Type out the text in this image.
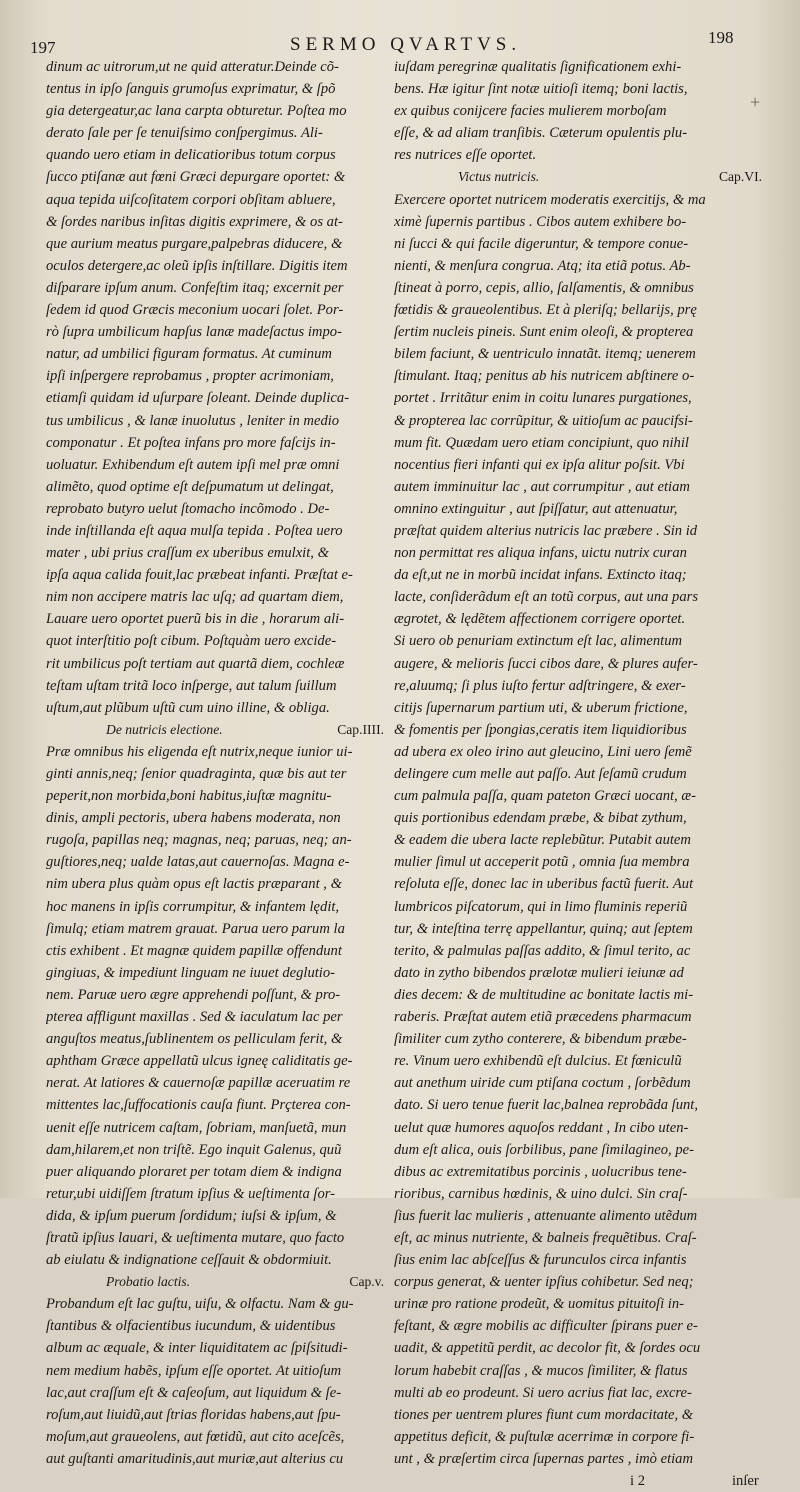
197	SERMO QVARTVS.	198
+
dinum ac uitrorum,ut ne quid atteratur.Deinde cõ-
tentus in ipſo ſanguis grumoſus exprimatur, & ſpõ
gia detergeatur,ac lana carpta obturetur. Poſtea mo
derato ſale per ſe tenuiſsimo conſpergimus. Ali-
quando uero etiam in delicatioribus totum corpus
ſucco ptiſanæ aut fœni Græci depurgare oportet: &
aqua tepida uiſcoſitatem corpori obſitam abluere,
& ſordes naribus inſitas digitis exprimere, & os at-
que aurium meatus purgare,palpebras diducere, &
oculos detergere,ac oleũ ipſis inſtillare. Digitis item
diſparare ipſum anum. Confeſtim itaq; excernit per
ſedem id quod Græcis meconium uocari ſolet. Por-
rò ſupra umbilicum hapſus lanæ madeſactus impo-
natur, ad umbilici figuram formatus. At cuminum
ipſi inſpergere reprobamus , propter acrimoniam,
etiamſi quidam id uſurpare ſoleant. Deinde duplica-
tus umbilicus , & lanæ inuolutus , leniter in medio
componatur . Et poſtea infans pro more faſcijs in-
uoluatur. Exhibendum eſt autem ipſi mel præ omni
alimẽto, quod optime eſt deſpumatum ut delingat,
reprobato butyro uelut ſtomacho incõmodo . De-
inde inſtillanda eſt aqua mulſa tepida . Poſtea uero
mater , ubi prius craſſum ex uberibus emulxit, &
ipſa aqua calida fouit,lac præbeat infanti. Præſtat e-
nim non accipere matris lac uſq; ad quartam diem,
Lauare uero oportet puerũ bis in die , horarum ali-
quot interſtitio poſt cibum. Poſtquàm uero excide-
rit umbilicus poſt tertiam aut quartã diem, cochleæ
teſtam uſtam tritã loco inſperge, aut talum ſuillum
uſtum,aut plũbum uſtũ cum uino illine, & obliga.
De nutricis electione.	Cap.IIII.
Præ omnibus his eligenda eſt nutrix,neque iunior ui-
ginti annis,neq; ſenior quadraginta, quæ bis aut ter
peperit,non morbida,boni habitus,iuſtæ magnitu-
dinis, ampli pectoris, ubera habens moderata, non
rugoſa, papillas neq; magnas, neq; paruas, neq; an-
guſtiores,neq; ualde latas,aut cauernoſas. Magna e-
nim ubera plus quàm opus eſt lactis præparant , &
hoc manens in ipſis corrumpitur, & infantem lędit,
ſimulq; etiam matrem grauat. Parua uero parum la
ctis exhibent . Et magnæ quidem papillæ offendunt
gingiuas, & impediunt linguam ne iuuet deglutio-
nem. Paruæ uero ægre apprehendi poſſunt, & pro-
pterea affligunt maxillas . Sed & iaculatum lac per
anguſtos meatus,ſublinentem os pelliculam ferit, &
aphtham Græce appellatũ ulcus igneę caliditatis ge-
nerat. At latiores & cauernoſæ papillæ aceruatim re
mittentes lac,ſuffocationis cauſa fiunt. Prçterea con-
uenit eſſe nutricem caſtam, ſobriam, manſuetã, mun
dam,hilarem,et non triſtẽ. Ego inquit Galenus, quũ
puer aliquando ploraret per totam diem & indigna
retur,ubi uidiſſem ſtratum ipſius & ueſtimenta ſor-
dida, & ipſum puerum ſordidum; iuſsi & ipſum, &
ſtratũ ipſius lauari, & ueſtimenta mutare, quo facto
ab eiulatu & indignatione ceſſauit & obdormiuit.
Probatio lactis.	Cap.v.
Probandum eſt lac guſtu, uiſu, & olfactu. Nam & gu-
ſtantibus & olfacientibus iucundum, & uidentibus
album ac æquale, & inter liquiditatem ac ſpiſsitudi-
nem medium habẽs, ipſum eſſe oportet. At uitioſum
lac,aut craſſum eſt & caſeoſum, aut liquidum & ſe-
roſum,aut liuidũ,aut ſtrias floridas habens,aut ſpu-
moſum,aut graueolens, aut fœtidũ, aut cito aceſcẽs,
aut guſtanti amaritudinis,aut muriæ,aut alterius cu
iuſdam peregrinæ qualitatis ſignificationem exhi-
bens. Hæ igitur ſint notæ uitioſi itemq; boni lactis,
ex quibus conijcere facies mulierem morboſam
eſſe, & ad aliam tranſibis. Cæterum opulentis plu-
res nutrices eſſe oportet.
Victus nutricis.	Cap.VI.
Exercere oportet nutricem moderatis exercitijs, & ma
ximè ſupernis partibus . Cibos autem exhibere bo-
ni ſucci & qui facile digeruntur, & tempore conue-
nienti, & menſura congrua. Atq; ita etiã potus. Ab-
ſtineat à porro, cepis, allio, ſalſamentis, & omnibus
fœtidis & graueolentibus. Et à pleriſq; bellarijs, prę
ſertim nucleis pineis. Sunt enim oleoſi, & propterea
bilem faciunt, & uentriculo innatãt. itemq; uenerem
ſtimulant. Itaq; penitus ab his nutricem abſtinere o-
portet . Irritãtur enim in coitu lunares purgationes,
& propterea lac corrũpitur, & uitioſum ac paucifsi-
mum fit. Quædam uero etiam concipiunt, quo nihil
nocentius fieri infanti qui ex ipſa alitur poſsit. Vbi
autem imminuitur lac , aut corrumpitur , aut etiam
omnino extinguitur , aut ſpiſſatur, aut attenuatur,
præſtat quidem alterius nutricis lac præbere . Sin id
non permittat res aliqua infans, uictu nutrix curan
da eſt,ut ne in morbũ incidat infans. Extincto itaq;
lacte, conſiderãdum eſt an totũ corpus, aut una pars
ægrotet, & lędẽtem affectionem corrigere oportet.
Si uero ob penuriam extinctum eſt lac, alimentum
augere, & melioris ſucci cibos dare, & plures aufer-
re,aluumq; ſi plus iuſto fertur adſtringere, & exer-
citijs ſupernarum partium uti, & uberum frictione,
& fomentis per ſpongias,ceratis item liquidioribus
ad ubera ex oleo irino aut gleucino, Lini uero ſemẽ
delingere cum melle aut paſſo. Aut ſeſamũ crudum
cum palmula paſſa, quam pateton Græci uocant, æ-
quis portionibus edendam præbe, & bibat zythum,
& eadem die ubera lacte replebũtur. Putabit autem
mulier ſimul ut acceperit potũ , omnia ſua membra
reſoluta eſſe, donec lac in uberibus factũ fuerit. Aut
lumbricos piſcatorum, qui in limo fluminis reperiũ
tur, & inteſtina terrę appellantur, quinq; aut ſeptem
terito, & palmulas paſſas addito, & ſimul terito, ac
dato in zytho bibendos prælotæ mulieri ieiunæ ad
dies decem: & de multitudine ac bonitate lactis mi-
raberis. Præſtat autem etiã præcedens pharmacum
ſimiliter cum zytho conterere, & bibendum præbe-
re. Vinum uero exhibendũ eſt dulcius. Et fœniculũ
aut anethum uiride cum ptiſana coctum , ſorbẽdum
dato. Si uero tenue fuerit lac,balnea reprobãda ſunt,
uelut quæ humores aquoſos reddant , In cibo uten-
dum eſt alica, ouis ſorbilibus, pane ſimilagineo, pe-
dibus ac extremitatibus porcinis , uolucribus tene-
rioribus, carnibus hœdinis, & uino dulci. Sin craſ-
ſius fuerit lac mulieris , attenuante alimento utẽdum
eſt, ac minus nutriente, & balneis frequẽtibus. Craſ-
ſius enim lac abſceſſus & furunculos circa infantis
corpus generat, & uenter ipſius cohibetur. Sed neq;
urinæ pro ratione prodeũt, & uomitus pituitoſi in-
feſtant, & ægre mobilis ac difficulter ſpirans puer e-
uadit, & appetitũ perdit, ac decolor fit, & ſordes ocu
lorum habebit craſſas , & mucos ſimiliter, & flatus
multi ab eo prodeunt. Si uero acrius fiat lac, excre-
tiones per uentrem plures fiunt cum mordacitate, &
appetitus deficit, & puſtulæ acerrimæ in corpore fi-
unt , & præſertim circa ſupernas partes , imò etiam
i 2	inſer
